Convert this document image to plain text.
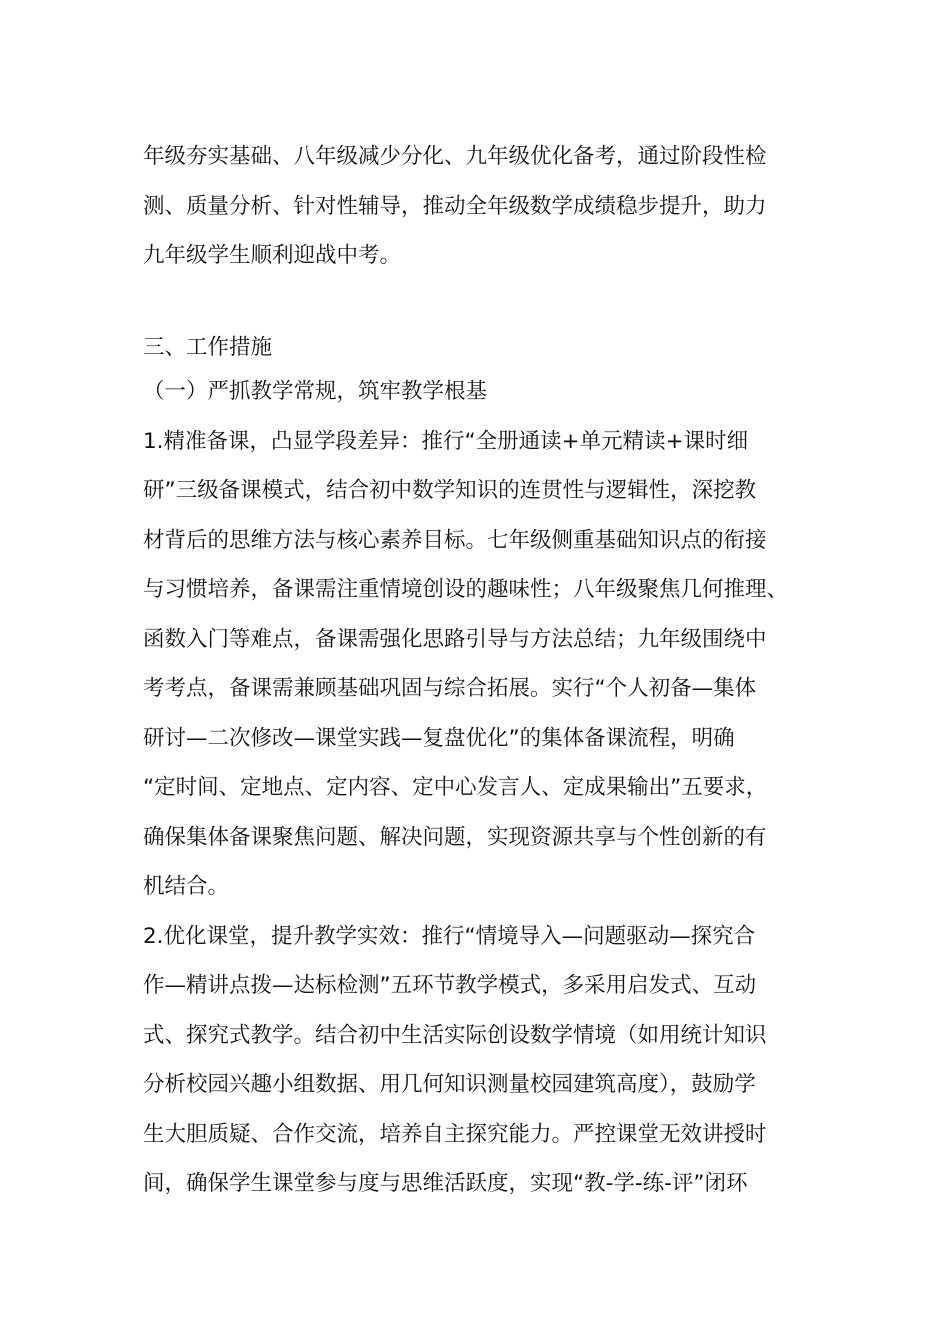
年级夯实基础、八年级减少分化、九年级优化备考，通过阶段性检
测、质量分析、针对性辅导，推动全年级数学成绩稳步提升，助力
九年级学生顺利迎战中考。

三、工作措施

（一）严抓教学常规，筑牢教学根基

1.精准备课，凸显学段差异：推行“全册通读+单元精读+课时细
研”三级备课模式，结合初中数学知识的连贯性与逻辑性，深挖教
材背后的思维方法与核心素养目标。七年级侧重基础知识点的衔接
与习惯培养，备课需注重情境创设的趣味性；八年级聚焦几何推理、
函数入门等难点，备课需强化思路引导与方法总结；九年级围绕中
考考点，备课需兼顾基础巩固与综合拓展。实行“个人初备—集体
研讨—二次修改—课堂实践—复盘优化”的集体备课流程，明确
“定时间、定地点、定内容、定中心发言人、定成果输出”五要求，
确保集体备课聚焦问题、解决问题，实现资源共享与个性创新的有
机结合。

2.优化课堂，提升教学实效：推行“情境导入—问题驱动—探究合
作—精讲点拨—达标检测”五环节教学模式，多采用启发式、互动
式、探究式教学。结合初中生活实际创设数学情境（如用统计知识
分析校园兴趣小组数据、用几何知识测量校园建筑高度），鼓励学
生大胆质疑、合作交流，培养自主探究能力。严控课堂无效讲授时
间，确保学生课堂参与度与思维活跃度，实现“教-学-练-评”闭环
